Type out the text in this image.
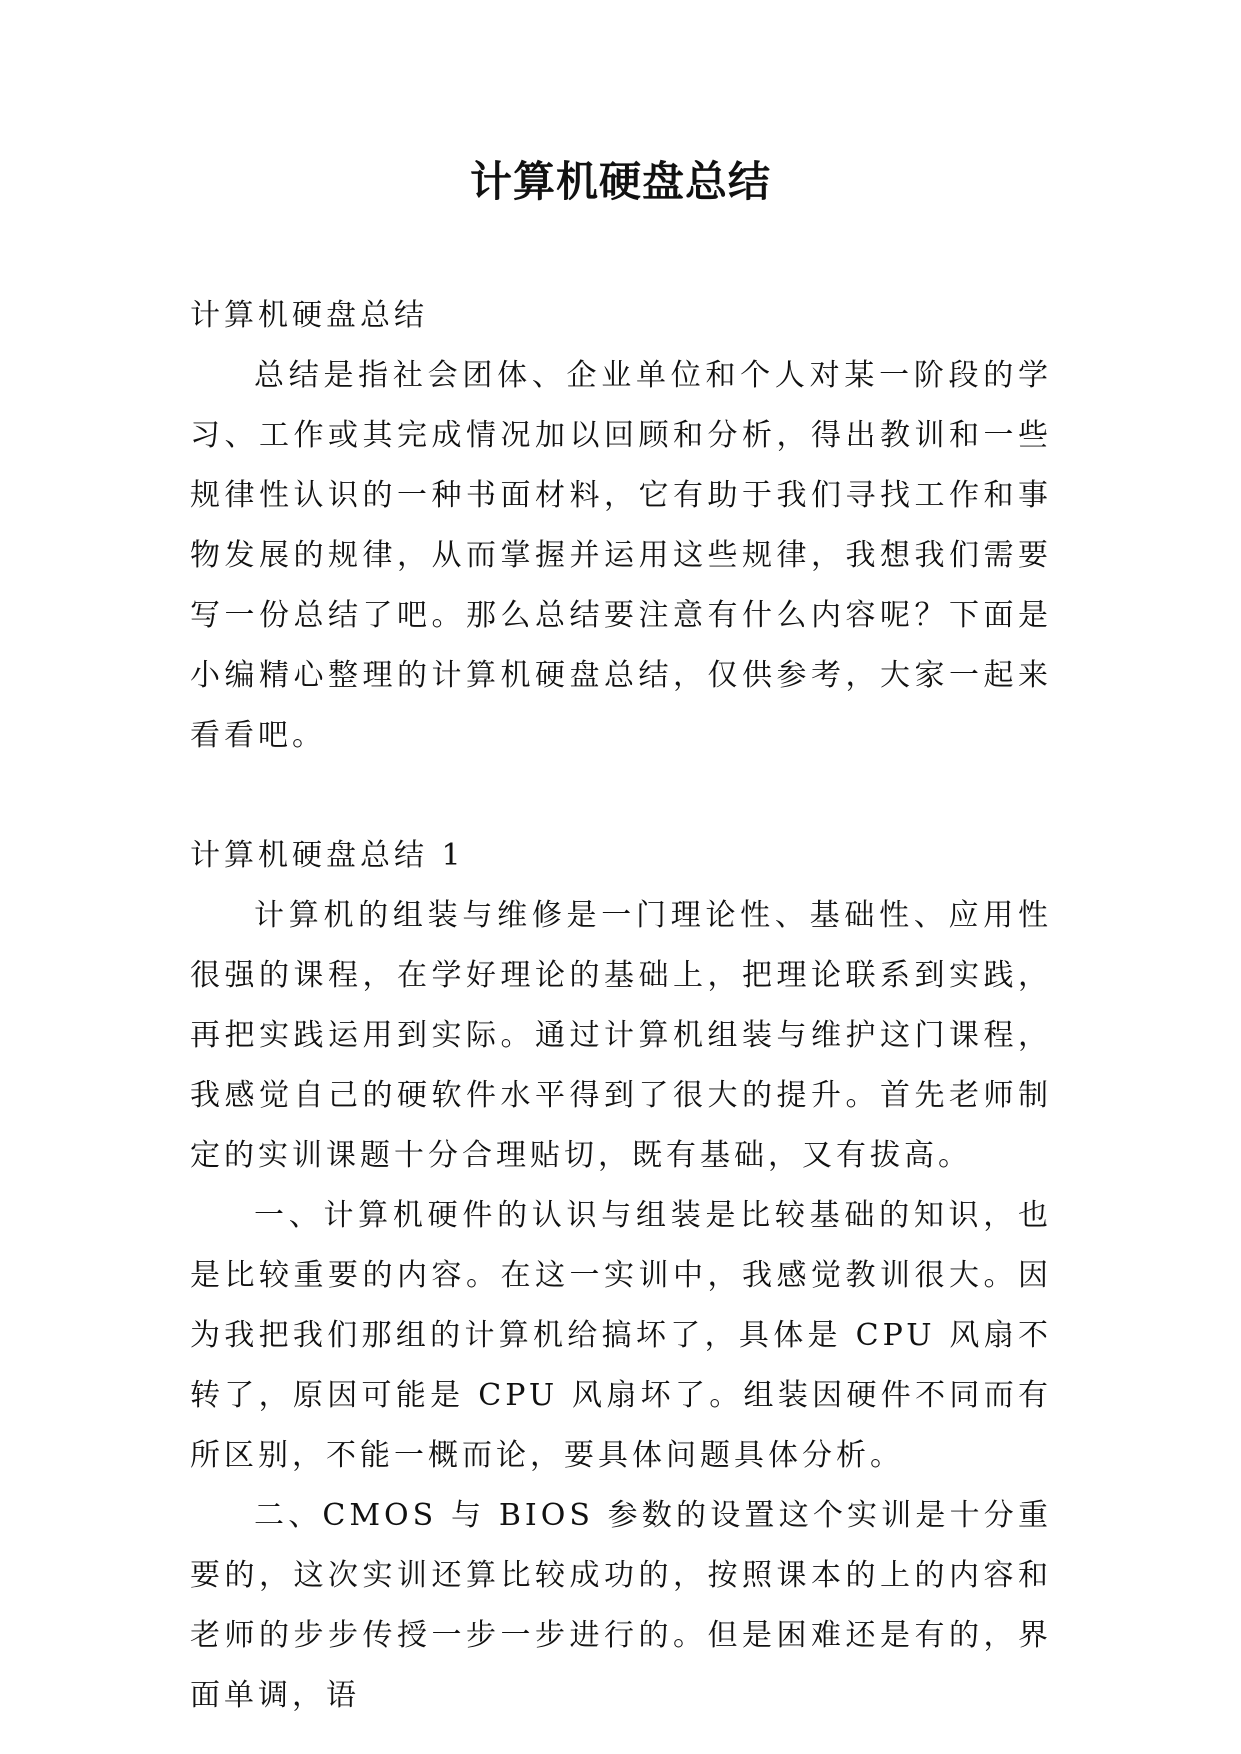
计算机硬盘总结

计算机硬盘总结

总结是指社会团体、企业单位和个人对某一阶段的学习、工作或其完成情况加以回顾和分析，得出教训和一些规律性认识的一种书面材料，它有助于我们寻找工作和事物发展的规律，从而掌握并运用这些规律，我想我们需要写一份总结了吧。那么总结要注意有什么内容呢？下面是小编精心整理的计算机硬盘总结，仅供参考，大家一起来看看吧。

计算机硬盘总结 1

计算机的组装与维修是一门理论性、基础性、应用性很强的课程，在学好理论的基础上，把理论联系到实践，再把实践运用到实际。通过计算机组装与维护这门课程，我感觉自己的硬软件水平得到了很大的提升。首先老师制定的实训课题十分合理贴切，既有基础，又有拔高。

一、计算机硬件的认识与组装是比较基础的知识，也是比较重要的内容。在这一实训中，我感觉教训很大。因为我把我们那组的计算机给搞坏了，具体是 CPU 风扇不转了，原因可能是 CPU 风扇坏了。组装因硬件不同而有所区别，不能一概而论，要具体问题具体分析。

二、CMOS 与 BIOS 参数的设置这个实训是十分重要的，这次实训还算比较成功的，按照课本的上的内容和老师的步步传授一步一步进行的。但是困难还是有的，界面单调，语
